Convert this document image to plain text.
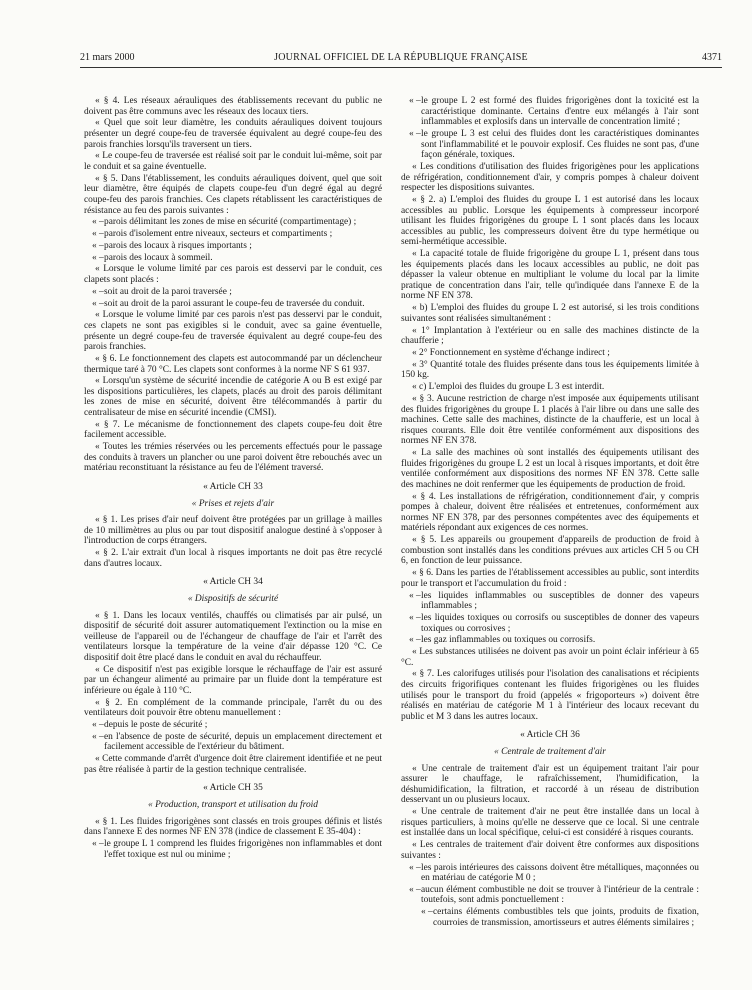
21 mars 2000	JOURNAL OFFICIEL DE LA RÉPUBLIQUE FRANÇAISE	4371

« § 4. Les réseaux aérauliques des établissements recevant du public ne doivent pas être communs avec les réseaux des locaux tiers.

« Quel que soit leur diamètre, les conduits aérauliques doivent toujours présenter un degré coupe-feu de traversée équivalent au degré coupe-feu des parois franchies lorsqu'ils traversent un tiers.

« Le coupe-feu de traversée est réalisé soit par le conduit lui-même, soit par le conduit et sa gaine éventuelle.

« § 5. Dans l'établissement, les conduits aérauliques doivent, quel que soit leur diamètre, être équipés de clapets coupe-feu d'un degré égal au degré coupe-feu des parois franchies. Ces clapets rétablissent les caractéristiques de résistance au feu des parois suivantes :

« – parois délimitant les zones de mise en sécurité (compartimentage) ;

« – parois d'isolement entre niveaux, secteurs et compartiments ;

« – parois des locaux à risques importants ;

« – parois des locaux à sommeil.

« Lorsque le volume limité par ces parois est desservi par le conduit, ces clapets sont placés :

« – soit au droit de la paroi traversée ;

« – soit au droit de la paroi assurant le coupe-feu de traversée du conduit.

« Lorsque le volume limité par ces parois n'est pas desservi par le conduit, ces clapets ne sont pas exigibles si le conduit, avec sa gaine éventuelle, présente un degré coupe-feu de traversée équivalent au degré coupe-feu des parois franchies.

« § 6. Le fonctionnement des clapets est autocommandé par un déclencheur thermique taré à 70 °C. Les clapets sont conformes à la norme NF S 61 937.

« Lorsqu'un système de sécurité incendie de catégorie A ou B est exigé par les dispositions particulières, les clapets, placés au droit des parois délimitant les zones de mise en sécurité, doivent être télécommandés à partir du centralisateur de mise en sécurité incendie (CMSI).

« § 7. Le mécanisme de fonctionnement des clapets coupe-feu doit être facilement accessible.

« Toutes les trémies réservées ou les percements effectués pour le passage des conduits à travers un plancher ou une paroi doivent être rebouchés avec un matériau reconstituant la résistance au feu de l'élément traversé.

« Article CH 33

« Prises et rejets d'air

« § 1. Les prises d'air neuf doivent être protégées par un grillage à mailles de 10 millimètres au plus ou par tout dispositif analogue destiné à s'opposer à l'introduction de corps étrangers.

« § 2. L'air extrait d'un local à risques importants ne doit pas être recyclé dans d'autres locaux.

« Article CH 34

« Dispositifs de sécurité

« § 1. Dans les locaux ventilés, chauffés ou climatisés par air pulsé, un dispositif de sécurité doit assurer automatiquement l'extinction ou la mise en veilleuse de l'appareil ou de l'échangeur de chauffage de l'air et l'arrêt des ventilateurs lorsque la température de la veine d'air dépasse 120 °C. Ce dispositif doit être placé dans le conduit en aval du réchauffeur.

« Ce dispositif n'est pas exigible lorsque le réchauffage de l'air est assuré par un échangeur alimenté au primaire par un fluide dont la température est inférieure ou égale à 110 °C.

« § 2. En complément de la commande principale, l'arrêt du ou des ventilateurs doit pouvoir être obtenu manuellement :

« – depuis le poste de sécurité ;

« – en l'absence de poste de sécurité, depuis un emplacement directement et facilement accessible de l'extérieur du bâtiment.

« Cette commande d'arrêt d'urgence doit être clairement identifiée et ne peut pas être réalisée à partir de la gestion technique centralisée.

« Article CH 35

« Production, transport et utilisation du froid

« § 1. Les fluides frigorigènes sont classés en trois groupes définis et listés dans l'annexe E des normes NF EN 378 (indice de classement E 35-404) :

« – le groupe L 1 comprend les fluides frigorigènes non inflammables et dont l'effet toxique est nul ou minime ;

« – le groupe L 2 est formé des fluides frigorigènes dont la toxicité est la caractéristique dominante. Certains d'entre eux mélangés à l'air sont inflammables et explosifs dans un intervalle de concentration limité ;

« – le groupe L 3 est celui des fluides dont les caractéristiques dominantes sont l'inflammabilité et le pouvoir explosif. Ces fluides ne sont pas, d'une façon générale, toxiques.

« Les conditions d'utilisation des fluides frigorigènes pour les applications de réfrigération, conditionnement d'air, y compris pompes à chaleur doivent respecter les dispositions suivantes.

« § 2. a) L'emploi des fluides du groupe L 1 est autorisé dans les locaux accessibles au public. Lorsque les équipements à compresseur incorporé utilisant les fluides frigorigènes du groupe L 1 sont placés dans les locaux accessibles au public, les compresseurs doivent être du type hermétique ou semi-hermétique accessible.

« La capacité totale de fluide frigorigène du groupe L 1, présent dans tous les équipements placés dans les locaux accessibles au public, ne doit pas dépasser la valeur obtenue en multipliant le volume du local par la limite pratique de concentration dans l'air, telle qu'indiquée dans l'annexe E de la norme NF EN 378.

« b) L'emploi des fluides du groupe L 2 est autorisé, si les trois conditions suivantes sont réalisées simultanément :

« 1° Implantation à l'extérieur ou en salle des machines distincte de la chaufferie ;

« 2° Fonctionnement en système d'échange indirect ;

« 3° Quantité totale des fluides présente dans tous les équipements limitée à 150 kg.

« c) L'emploi des fluides du groupe L 3 est interdit.

« § 3. Aucune restriction de charge n'est imposée aux équipements utilisant des fluides frigorigènes du groupe L 1 placés à l'air libre ou dans une salle des machines. Cette salle des machines, distincte de la chaufferie, est un local à risques courants. Elle doit être ventilée conformément aux dispositions des normes NF EN 378.

« La salle des machines où sont installés des équipements utilisant des fluides frigorigènes du groupe L 2 est un local à risques importants, et doit être ventilée conformément aux dispositions des normes NF EN 378. Cette salle des machines ne doit renfermer que les équipements de production de froid.

« § 4. Les installations de réfrigération, conditionnement d'air, y compris pompes à chaleur, doivent être réalisées et entretenues, conformément aux normes NF EN 378, par des personnes compétentes avec des équipements et matériels répondant aux exigences de ces normes.

« § 5. Les appareils ou groupement d'appareils de production de froid à combustion sont installés dans les conditions prévues aux articles CH 5 ou CH 6, en fonction de leur puissance.

« § 6. Dans les parties de l'établissement accessibles au public, sont interdits pour le transport et l'accumulation du froid :

« – les liquides inflammables ou susceptibles de donner des vapeurs inflammables ;

« – les liquides toxiques ou corrosifs ou susceptibles de donner des vapeurs toxiques ou corrosives ;

« – les gaz inflammables ou toxiques ou corrosifs.

« Les substances utilisées ne doivent pas avoir un point éclair inférieur à 65 °C.

« § 7. Les calorifuges utilisés pour l'isolation des canalisations et récipients des circuits frigorifiques contenant les fluides frigorigènes ou les fluides utilisés pour le transport du froid (appelés « frigoporteurs ») doivent être réalisés en matériau de catégorie M 1 à l'intérieur des locaux recevant du public et M 3 dans les autres locaux.

« Article CH 36

« Centrale de traitement d'air

« Une centrale de traitement d'air est un équipement traitant l'air pour assurer le chauffage, le rafraîchissement, l'humidification, la déshumidification, la filtration, et raccordé à un réseau de distribution desservant un ou plusieurs locaux.

« Une centrale de traitement d'air ne peut être installée dans un local à risques particuliers, à moins qu'elle ne desserve que ce local. Si une centrale est installée dans un local spécifique, celui-ci est considéré à risques courants.

« Les centrales de traitement d'air doivent être conformes aux dispositions suivantes :

« – les parois intérieures des caissons doivent être métalliques, maçonnées ou en matériau de catégorie M 0 ;

« – aucun élément combustible ne doit se trouver à l'intérieur de la centrale : toutefois, sont admis ponctuellement :

« – certains éléments combustibles tels que joints, produits de fixation, courroies de transmission, amortisseurs et autres éléments similaires ;
